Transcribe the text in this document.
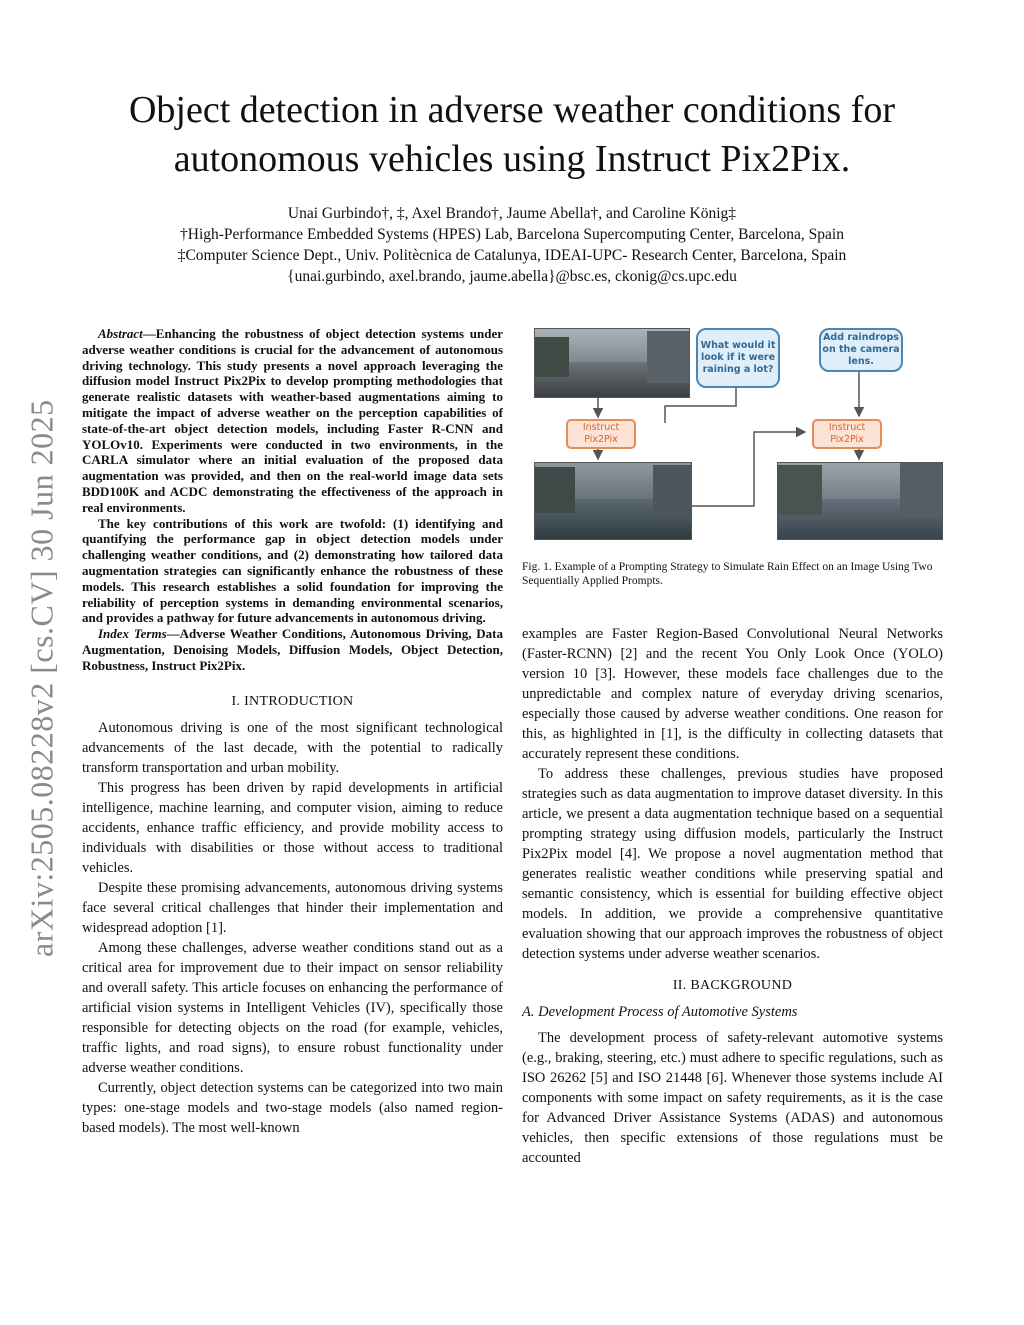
arXiv:2505.08228v2 [cs.CV] 30 Jun 2025
Object detection in adverse weather conditions for
autonomous vehicles using Instruct Pix2Pix.
Unai Gurbindo†, ‡, Axel Brando†, Jaume Abella†, and Caroline König‡
†High-Performance Embedded Systems (HPES) Lab, Barcelona Supercomputing Center, Barcelona, Spain
‡Computer Science Dept., Univ. Politècnica de Catalunya, IDEAI-UPC- Research Center, Barcelona, Spain
{unai.gurbindo, axel.brando, jaume.abella}@bsc.es, ckonig@cs.upc.edu

Abstract—Enhancing the robustness of object detection systems under adverse weather conditions is crucial for the advancement of autonomous driving technology. This study presents a novel approach leveraging the diffusion model Instruct Pix2Pix to develop prompting methodologies that generate realistic datasets with weather-based augmentations aiming to mitigate the impact of adverse weather on the perception capabilities of state-of-the-art object detection models, including Faster R-CNN and YOLOv10. Experiments were conducted in two environments, in the CARLA simulator where an initial evaluation of the proposed data augmentation was provided, and then on the real-world image data sets BDD100K and ACDC demonstrating the effectiveness of the approach in real environments.

The key contributions of this work are twofold: (1) identifying and quantifying the performance gap in object detection models under challenging weather conditions, and (2) demonstrating how tailored data augmentation strategies can significantly enhance the robustness of these models. This research establishes a solid foundation for improving the reliability of perception systems in demanding environmental scenarios, and provides a pathway for future advancements in autonomous driving.

Index Terms—Adverse Weather Conditions, Autonomous Driving, Data Augmentation, Denoising Models, Diffusion Models, Object Detection, Robustness, Instruct Pix2Pix.

I. INTRODUCTION

Autonomous driving is one of the most significant technological advancements of the last decade, with the potential to radically transform transportation and urban mobility.

This progress has been driven by rapid developments in artificial intelligence, machine learning, and computer vision, aiming to reduce accidents, enhance traffic efficiency, and provide mobility access to individuals with disabilities or those without access to traditional vehicles.

Despite these promising advancements, autonomous driving systems face several critical challenges that hinder their implementation and widespread adoption [1].

Among these challenges, adverse weather conditions stand out as a critical area for improvement due to their impact on sensor reliability and overall safety. This article focuses on enhancing the performance of artificial vision systems in Intelligent Vehicles (IV), specifically those responsible for detecting objects on the road (for example, vehicles, traffic lights, and road signs), to ensure robust functionality under adverse weather conditions.

Currently, object detection systems can be categorized into two main types: one-stage models and two-stage models (also named region-based models). The most well-known

What would it look if it were raining a lot?
Add raindrops on the camera lens.
Instruct Pix2Pix
Instruct Pix2Pix
Fig. 1. Example of a Prompting Strategy to Simulate Rain Effect on an Image Using Two Sequentially Applied Prompts.

examples are Faster Region-Based Convolutional Neural Networks (Faster-RCNN) [2] and the recent You Only Look Once (YOLO) version 10 [3]. However, these models face challenges due to the unpredictable and complex nature of everyday driving scenarios, especially those caused by adverse weather conditions. One reason for this, as highlighted in [1], is the difficulty in collecting datasets that accurately represent these conditions.

To address these challenges, previous studies have proposed strategies such as data augmentation to improve dataset diversity. In this article, we present a data augmentation technique based on a sequential prompting strategy using diffusion models, particularly the Instruct Pix2Pix model [4]. We propose a novel augmentation method that generates realistic weather conditions while preserving spatial and semantic consistency, which is essential for building effective object models. In addition, we provide a comprehensive quantitative evaluation showing that our approach improves the robustness of object detection systems under adverse weather scenarios.

II. BACKGROUND
A. Development Process of Automotive Systems

The development process of safety-relevant automotive systems (e.g., braking, steering, etc.) must adhere to specific regulations, such as ISO 26262 [5] and ISO 21448 [6]. Whenever those systems include AI components with some impact on safety requirements, as it is the case for Advanced Driver Assistance Systems (ADAS) and autonomous vehicles, then specific extensions of those regulations must be accounted
